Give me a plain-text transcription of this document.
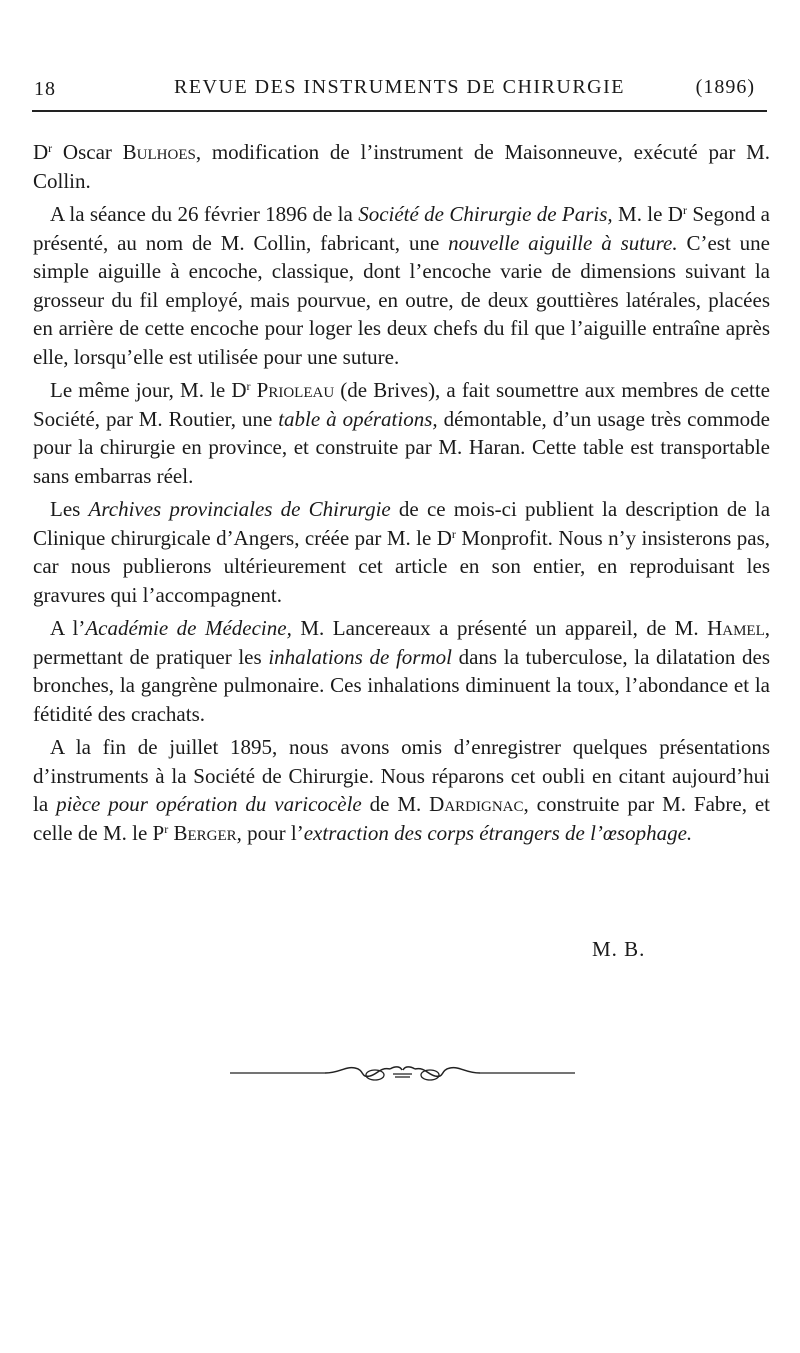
18	REVUE DES INSTRUMENTS DE CHIRURGIE	(1896)

$D^r$ Oscar Bulhoes, modification de l’instrument de Maisonneuve, exécuté par M. Collin.

A la séance du 26 février 1896 de la Société de Chirurgie de Paris, M. le $D^r$ Segond a présenté, au nom de M. Collin, fabricant, une nouvelle aiguille à suture. C’est une simple aiguille à encoche, classique, dont l’encoche varie de dimensions suivant la grosseur du fil employé, mais pourvue, en outre, de deux gouttières latérales, placées en arrière de cette encoche pour loger les deux chefs du fil que l’aiguille entraîne après elle, lorsqu’elle est utilisée pour une suture.

Le même jour, M. le $D^r$ Prioleau (de Brives), a fait soumettre aux membres de cette Société, par M. Routier, une table à opérations, démontable, d’un usage très commode pour la chirurgie en province, et construite par M. Haran. Cette table est transportable sans embarras réel.

Les Archives provinciales de Chirurgie de ce mois-ci publient la description de la Clinique chirurgicale d’Angers, créée par M. le $D^r$ Monprofit. Nous n’y insisterons pas, car nous publierons ultérieurement cet article en son entier, en reproduisant les gravures qui l’accompagnent.

A l’Académie de Médecine, M. Lancereaux a présenté un appareil, de M. Hamel, permettant de pratiquer les inhalations de formol dans la tuberculose, la dilatation des bronches, la gangrène pulmonaire. Ces inhalations diminuent la toux, l’abondance et la fétidité des crachats.

A la fin de juillet 1895, nous avons omis d’enregistrer quelques présentations d’instruments à la Société de Chirurgie. Nous réparons cet oubli en citant aujourd’hui la pièce pour opération du varicocèle de M. Dardignac, construite par M. Fabre, et celle de M. le $P^r$ Berger, pour l’extraction des corps étrangers de l’œsophage.

M. B.
